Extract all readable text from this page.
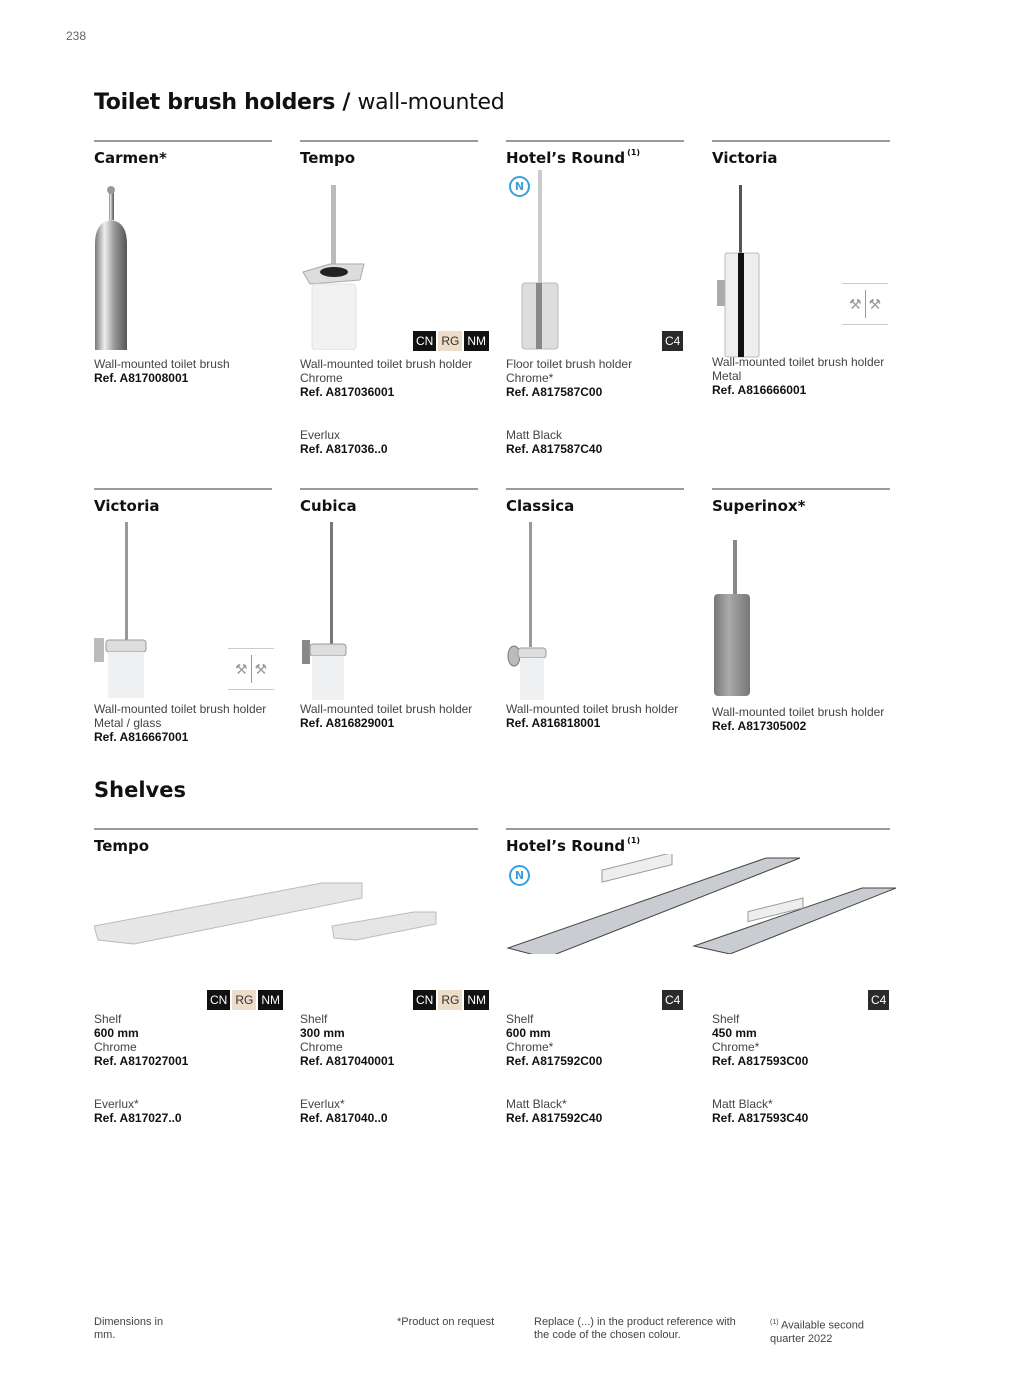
238
Toilet brush holders / wall-mounted
Carmen*
Wall-mounted toilet brush
Ref. A817008001
Tempo
CN RG NM
Wall-mounted toilet brush holder
Chrome
Ref. A817036001
Everlux
Ref. A817036..0
Hotel’s Round $^{(1)}$
N
C4
Floor toilet brush holder
Chrome*
Ref. A817587C00
Matt Black
Ref. A817587C40
Victoria
⚒ ⚒
Wall-mounted toilet brush holder
Metal
Ref. A816666001
Victoria
⚒ ⚒
Wall-mounted toilet brush holder
Metal / glass
Ref. A816667001
Cubica
Wall-mounted toilet brush holder
Ref. A816829001
Classica
Wall-mounted toilet brush holder
Ref. A816818001
Superinox*
Wall-mounted toilet brush holder
Ref. A817305002
Shelves
Tempo	Hotel’s Round $^{(1)}$
N
CN RG NM
Shelf
600 mm
Chrome
Ref. A817027001
Everlux*
Ref. A817027..0
CN RG NM
Shelf
300 mm
Chrome
Ref. A817040001
Everlux*
Ref. A817040..0
C4
Shelf
600 mm
Chrome*
Ref. A817592C00
Matt Black*
Ref. A817592C40
C4
Shelf
450 mm
Chrome*
Ref. A817593C00
Matt Black*
Ref. A817593C40
Dimensions in mm.
*Product on request	Replace (...) in the product reference with the code of the chosen colour.
$^{(1)}$ Available second quarter 2022
